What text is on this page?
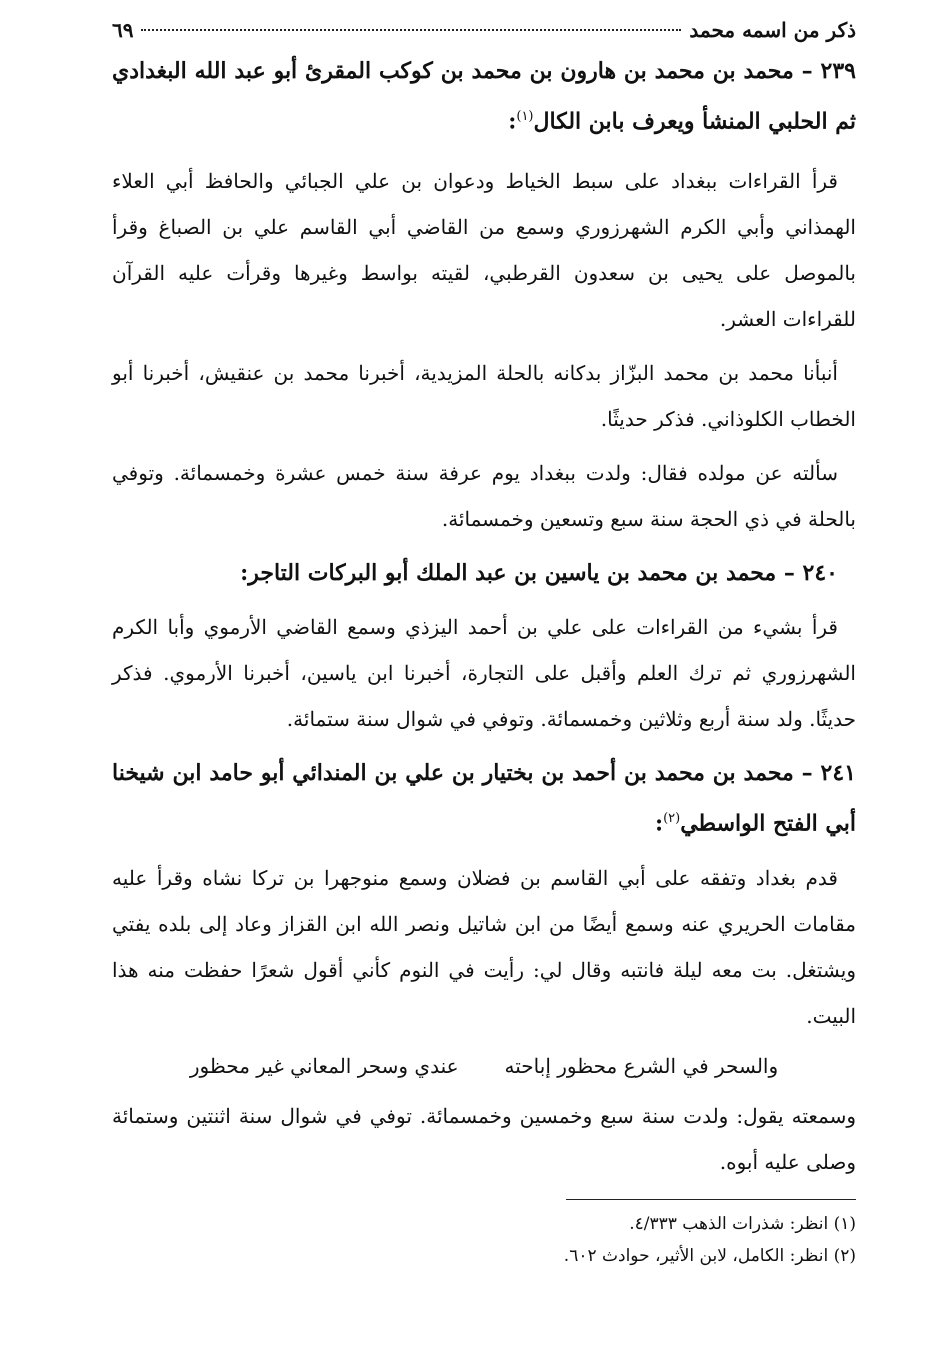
ذكر من اسمه محمد
٦٩

٢٣٩ – محمد بن محمد بن هارون بن محمد بن كوكب المقرئ أبو عبد الله البغدادي ثم الحلبي المنشأ ويعرف بابن الكال$^{(١)}$:

قرأ القراءات ببغداد على سبط الخياط ودعوان بن علي الجبائي والحافظ أبي العلاء الهمذاني وأبي الكرم الشهرزوري وسمع من القاضي أبي القاسم علي بن الصباغ وقرأ بالموصل على يحيى بن سعدون القرطبي، لقيته بواسط وغيرها وقرأت عليه القرآن للقراءات العشر.

أنبأنا محمد بن محمد البزّاز بدكانه بالحلة المزيدية، أخبرنا محمد بن عنقيش، أخبرنا أبو الخطاب الكلوذاني. فذكر حديثًا.

سألته عن مولده فقال: ولدت ببغداد يوم عرفة سنة خمس عشرة وخمسمائة. وتوفي بالحلة في ذي الحجة سنة سبع وتسعين وخمسمائة.

٢٤٠ – محمد بن محمد بن ياسين بن عبد الملك أبو البركات التاجر:

قرأ بشيء من القراءات على علي بن أحمد اليزذي وسمع القاضي الأرموي وأبا الكرم الشهرزوري ثم ترك العلم وأقبل على التجارة، أخبرنا ابن ياسين، أخبرنا الأرموي. فذكر حديثًا. ولد سنة أربع وثلاثين وخمسمائة. وتوفي في شوال سنة ستمائة.

٢٤١ – محمد بن محمد بن أحمد بن بختيار بن علي بن المندائي أبو حامد ابن شيخنا أبي الفتح الواسطي$^{(٢)}$:

قدم بغداد وتفقه على أبي القاسم بن فضلان وسمع منوجهرا بن تركا نشاه وقرأ عليه مقامات الحريري عنه وسمع أيضًا من ابن شاتيل ونصر الله ابن القزاز وعاد إلى بلده يفتي ويشتغل. بت معه ليلة فانتبه وقال لي: رأيت في النوم كأني أقول شعرًا حفظت منه هذا البيت.

والسحر في الشرع محظور إباحته
عندي وسحر المعاني غير محظور

وسمعته يقول: ولدت سنة سبع وخمسين وخمسمائة. توفي في شوال سنة اثنتين وستمائة وصلى عليه أبوه.

(١) انظر: شذرات الذهب ٤/٣٣٣.

(٢) انظر: الكامل، لابن الأثير، حوادث ٦٠٢.
